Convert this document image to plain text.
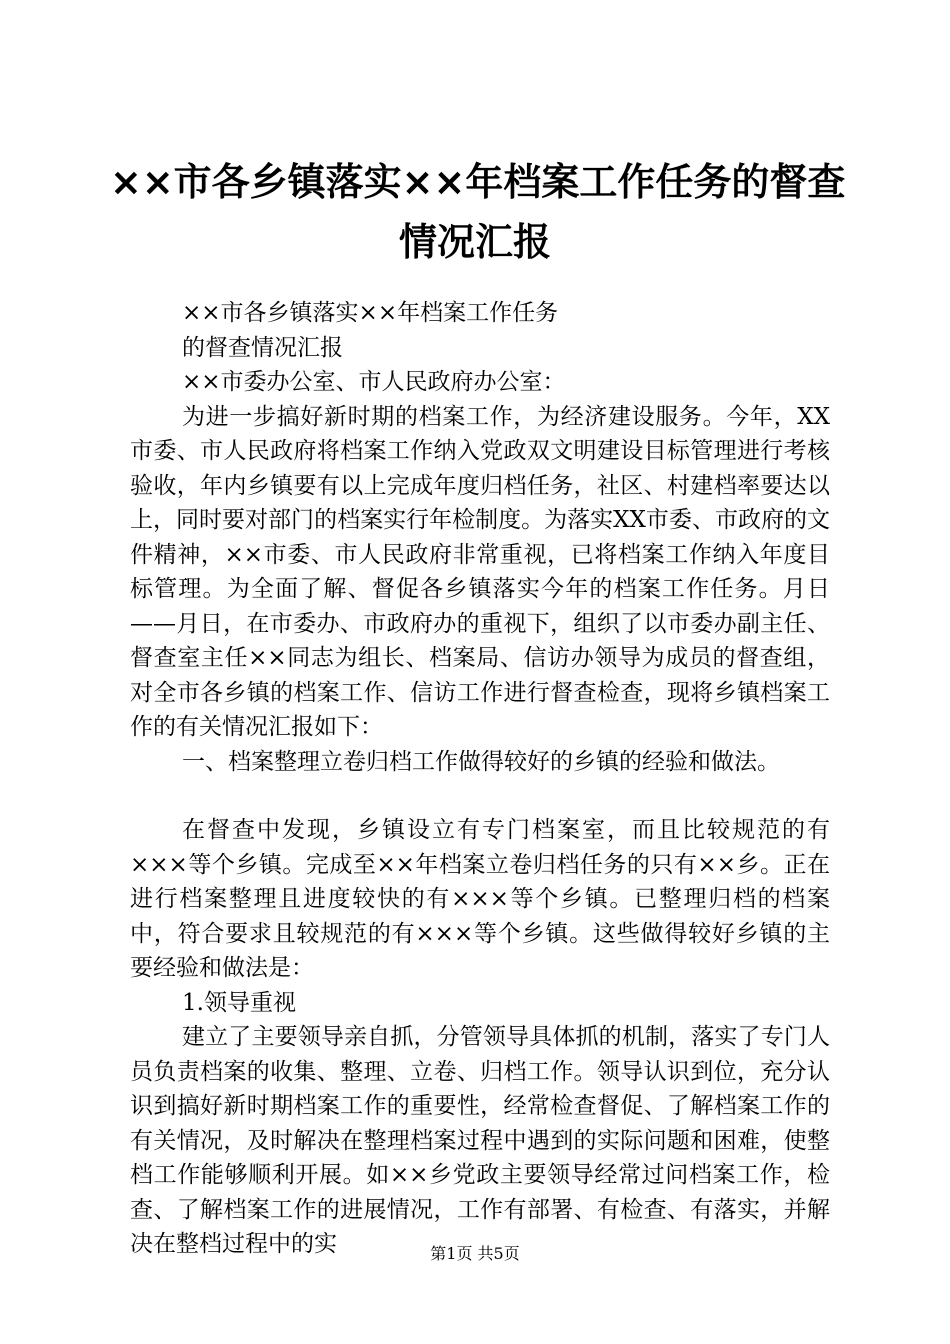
××市各乡镇落实××年档案工作任务的督查
情况汇报

××市各乡镇落实××年档案工作任务

的督查情况汇报

××市委办公室、市人民政府办公室：

为进一步搞好新时期的档案工作，为经济建设服务。今年，XX市委、市人民政府将档案工作纳入党政双文明建设目标管理进行考核验收，年内乡镇要有以上完成年度归档任务，社区、村建档率要达以上，同时要对部门的档案实行年检制度。为落实XX市委、市政府的文件精神，××市委、市人民政府非常重视，已将档案工作纳入年度目标管理。为全面了解、督促各乡镇落实今年的档案工作任务。月日——月日，在市委办、市政府办的重视下，组织了以市委办副主任、督查室主任××同志为组长、档案局、信访办领导为成员的督查组，对全市各乡镇的档案工作、信访工作进行督查检查，现将乡镇档案工作的有关情况汇报如下：

一、档案整理立卷归档工作做得较好的乡镇的经验和做法。

在督查中发现，乡镇设立有专门档案室，而且比较规范的有×××等个乡镇。完成至××年档案立卷归档任务的只有××乡。正在进行档案整理且进度较快的有×××等个乡镇。已整理归档的档案中，符合要求且较规范的有×××等个乡镇。这些做得较好乡镇的主要经验和做法是：

1.领导重视

建立了主要领导亲自抓，分管领导具体抓的机制，落实了专门人员负责档案的收集、整理、立卷、归档工作。领导认识到位，充分认识到搞好新时期档案工作的重要性，经常检查督促、了解档案工作的有关情况，及时解决在整理档案过程中遇到的实际问题和困难，使整档工作能够顺利开展。如××乡党政主要领导经常过问档案工作，检查、了解档案工作的进展情况，工作有部署、有检查、有落实，并解决在整档过程中的实	第1页 共5页
